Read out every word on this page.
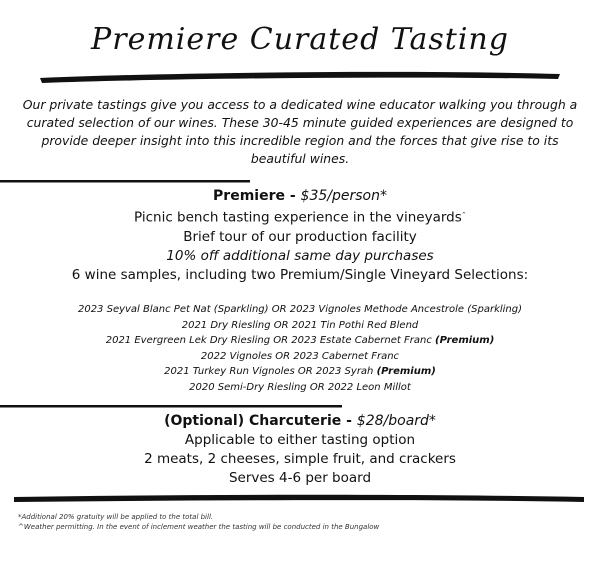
Premiere Curated Tasting
Our private tastings give you access to a dedicated wine educator walking you through a curated selection of our wines. These 30-45 minute guided experiences are designed to provide deeper insight into this incredible region and the forces that give rise to its beautiful wines.
Premiere - $35/person*
Picnic bench tasting experience in the vineyards^
Brief tour of our production facility
10% off additional same day purchases
6 wine samples, including two Premium/Single Vineyard Selections:
2023 Seyval Blanc Pet Nat (Sparkling) OR 2023 Vignoles Methode Ancestrole (Sparkling)
2021 Dry Riesling OR 2021 Tin Pothi Red Blend
2021 Evergreen Lek Dry Riesling OR 2023 Estate Cabernet Franc (Premium)
2022 Vignoles OR 2023 Cabernet Franc
2021 Turkey Run Vignoles OR 2023 Syrah (Premium)
2020 Semi-Dry Riesling OR 2022 Leon Millot
(Optional) Charcuterie - $28/board*
Applicable to either tasting option
2 meats, 2 cheeses, simple fruit, and crackers
Serves 4-6 per board
*Additional 20% gratuity will be applied to the total bill.
^Weather permitting. In the event of inclement weather the tasting will be conducted in the Bungalow
